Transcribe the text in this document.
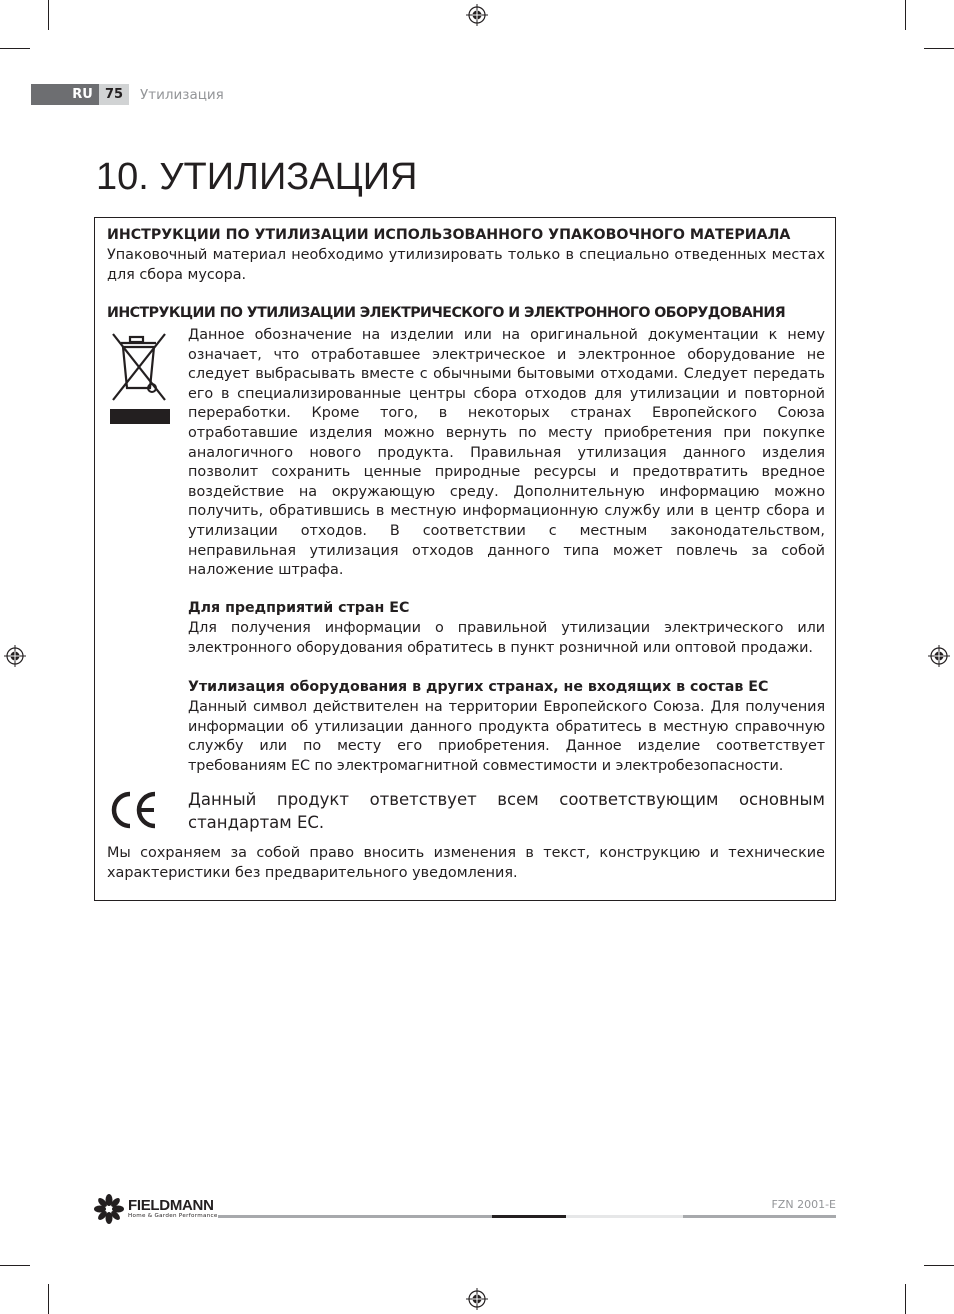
RU 75	Утилизация
10. УТИЛИЗАЦИЯ
ИНСТРУКЦИИ ПО УТИЛИЗАЦИИ ИСПОЛЬЗОВАННОГО УПАКОВОЧНОГО МАТЕРИАЛА
Упаковочный материал необходимо утилизировать только в специально отведенных местах для сбора мусора.
ИНСТРУКЦИИ ПО УТИЛИЗАЦИИ ЭЛЕКТРИЧЕСКОГО И ЭЛЕКТРОННОГО ОБОРУДОВАНИЯ
Данное обозначение на изделии или на оригинальной документации к нему означает, что отработавшее электрическое и электронное оборудование не следует выбрасывать вместе с обычными бытовыми отходами. Следует передать его в специализированные центры сбора отходов для утилизации и повторной переработки. Кроме того, в некоторых странах Европейского Союза отработавшие изделия можно вернуть по месту приобретения при покупке аналогичного нового продукта. Правильная утилизация данного изделия позволит сохранить ценные природные ресурсы и предотвратить вредное воздействие на окружающую среду. Дополнительную информацию можно получить, обратившись в местную информационную службу или в центр сбора и утилизации отходов. В соответствии с местным законодательством, неправильная утилизация отходов данного типа может повлечь за собой наложение штрафа.
Для предприятий стран ЕС
Для получения информации о правильной утилизации электрического или электронного оборудования обратитесь в пункт розничной или оптовой продажи.
Утилизация оборудования в других странах, не входящих в состав ЕС
Данный символ действителен на территории Европейского Союза. Для получения информации об утилизации данного продукта обратитесь в местную справочную службу или по месту его приобретения. Данное изделие соответствует требованиям ЕС по электромагнитной совместимости и электробезопасности.
Данный продукт ответствует всем соответствующим основным стандартам ЕС.
Мы сохраняем за собой право вносить изменения в текст, конструкцию и технические характеристики без предварительного уведомления.
FIELDMANN
Home & Garden Performance
FZN 2001-E
